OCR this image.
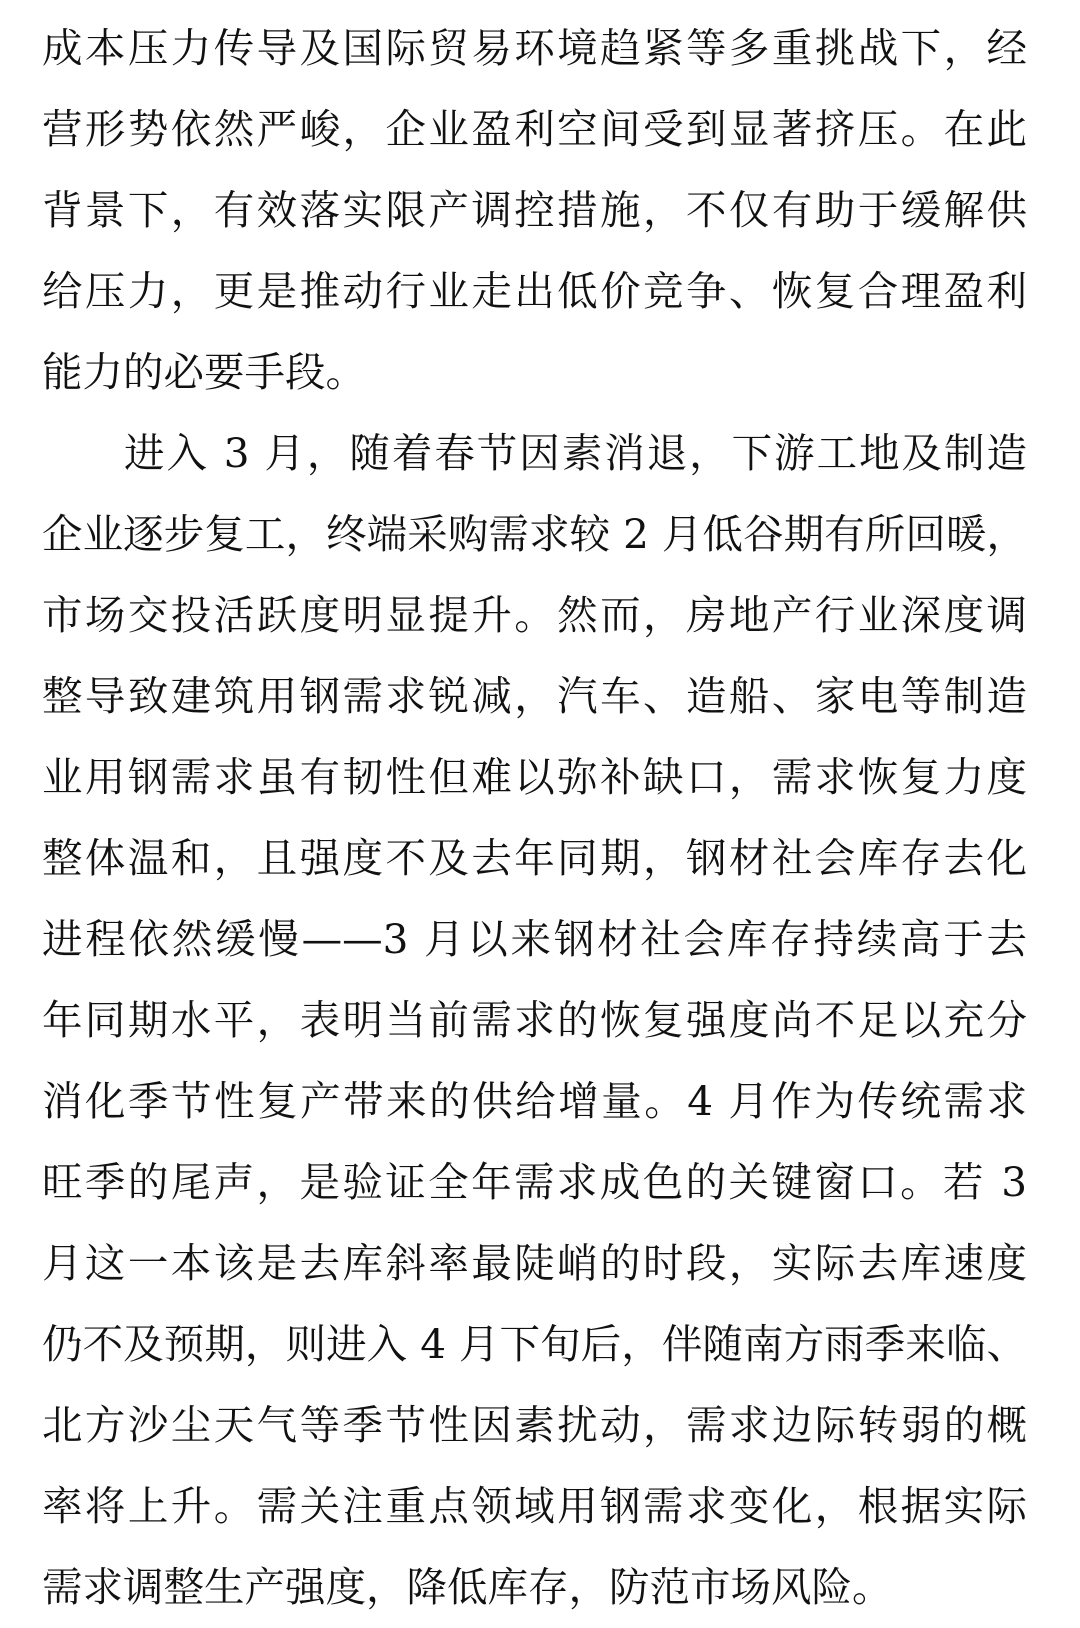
成本压力传导及国际贸易环境趋紧等多重挑战下，经
营形势依然严峻，企业盈利空间受到显著挤压。在此
背景下，有效落实限产调控措施，不仅有助于缓解供
给压力，更是推动行业走出低价竞争、恢复合理盈利
能力的必要手段。
进入 3 月，随着春节因素消退，下游工地及制造
企业逐步复工，终端采购需求较 2 月低谷期有所回暖，
市场交投活跃度明显提升。然而，房地产行业深度调
整导致建筑用钢需求锐减，汽车、造船、家电等制造
业用钢需求虽有韧性但难以弥补缺口，需求恢复力度
整体温和，且强度不及去年同期，钢材社会库存去化
进程依然缓慢——3 月以来钢材社会库存持续高于去
年同期水平，表明当前需求的恢复强度尚不足以充分
消化季节性复产带来的供给增量。4 月作为传统需求
旺季的尾声，是验证全年需求成色的关键窗口。若 3
月这一本该是去库斜率最陡峭的时段，实际去库速度
仍不及预期，则进入 4 月下旬后，伴随南方雨季来临、
北方沙尘天气等季节性因素扰动，需求边际转弱的概
率将上升。需关注重点领域用钢需求变化，根据实际
需求调整生产强度，降低库存，防范市场风险。
